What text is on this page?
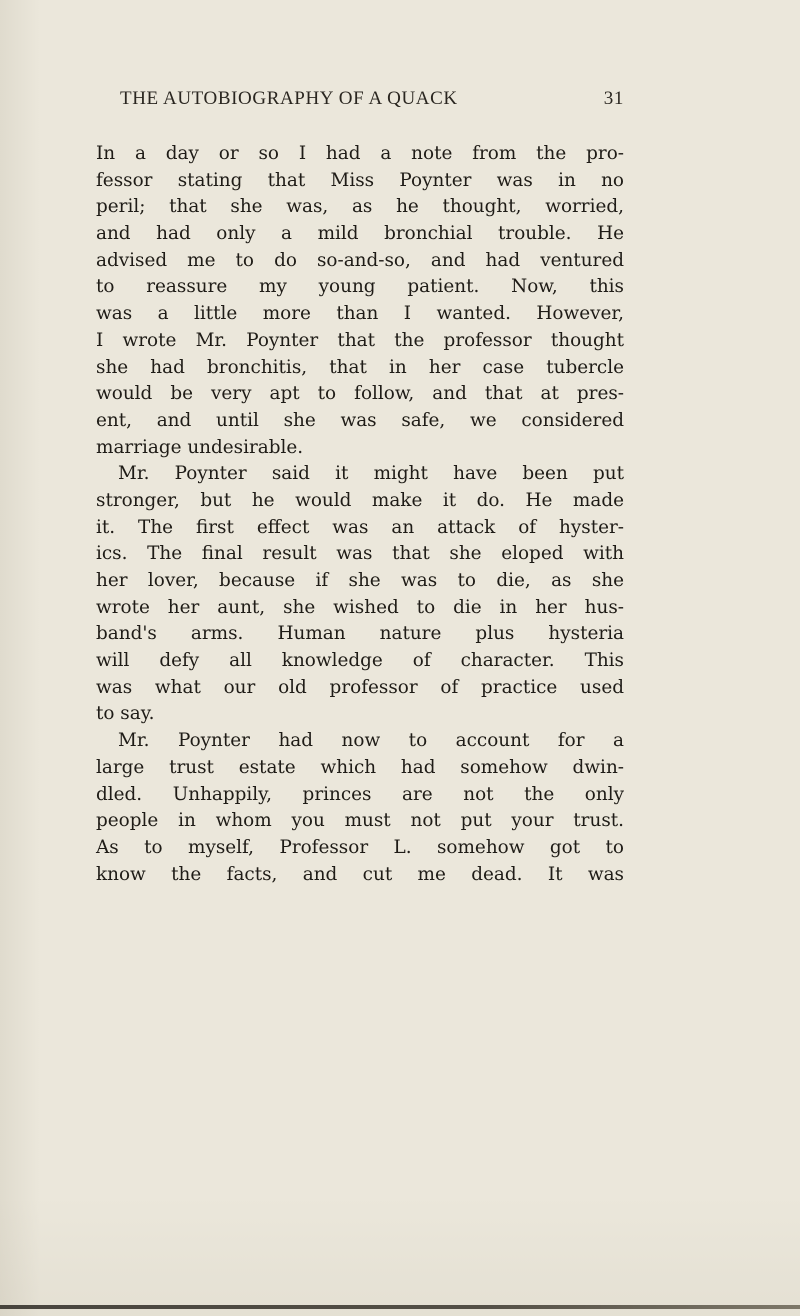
THE AUTOBIOGRAPHY OF A QUACK	31
In a day or so I had a note from the pro-
fessor stating that Miss Poynter was in no
peril; that she was, as he thought, worried,
and had only a mild bronchial trouble. He
advised me to do so-and-so, and had ventured
to reassure my young patient. Now, this
was a little more than I wanted. However,
I wrote Mr. Poynter that the professor thought
she had bronchitis, that in her case tubercle
would be very apt to follow, and that at pres-
ent, and until she was safe, we considered
marriage undesirable.
Mr. Poynter said it might have been put
stronger, but he would make it do. He made
it. The first effect was an attack of hyster-
ics. The final result was that she eloped with
her lover, because if she was to die, as she
wrote her aunt, she wished to die in her hus-
band's arms. Human nature plus hysteria
will defy all knowledge of character. This
was what our old professor of practice used
to say.
Mr. Poynter had now to account for a
large trust estate which had somehow dwin-
dled. Unhappily, princes are not the only
people in whom you must not put your trust.
As to myself, Professor L. somehow got to
know the facts, and cut me dead. It was
